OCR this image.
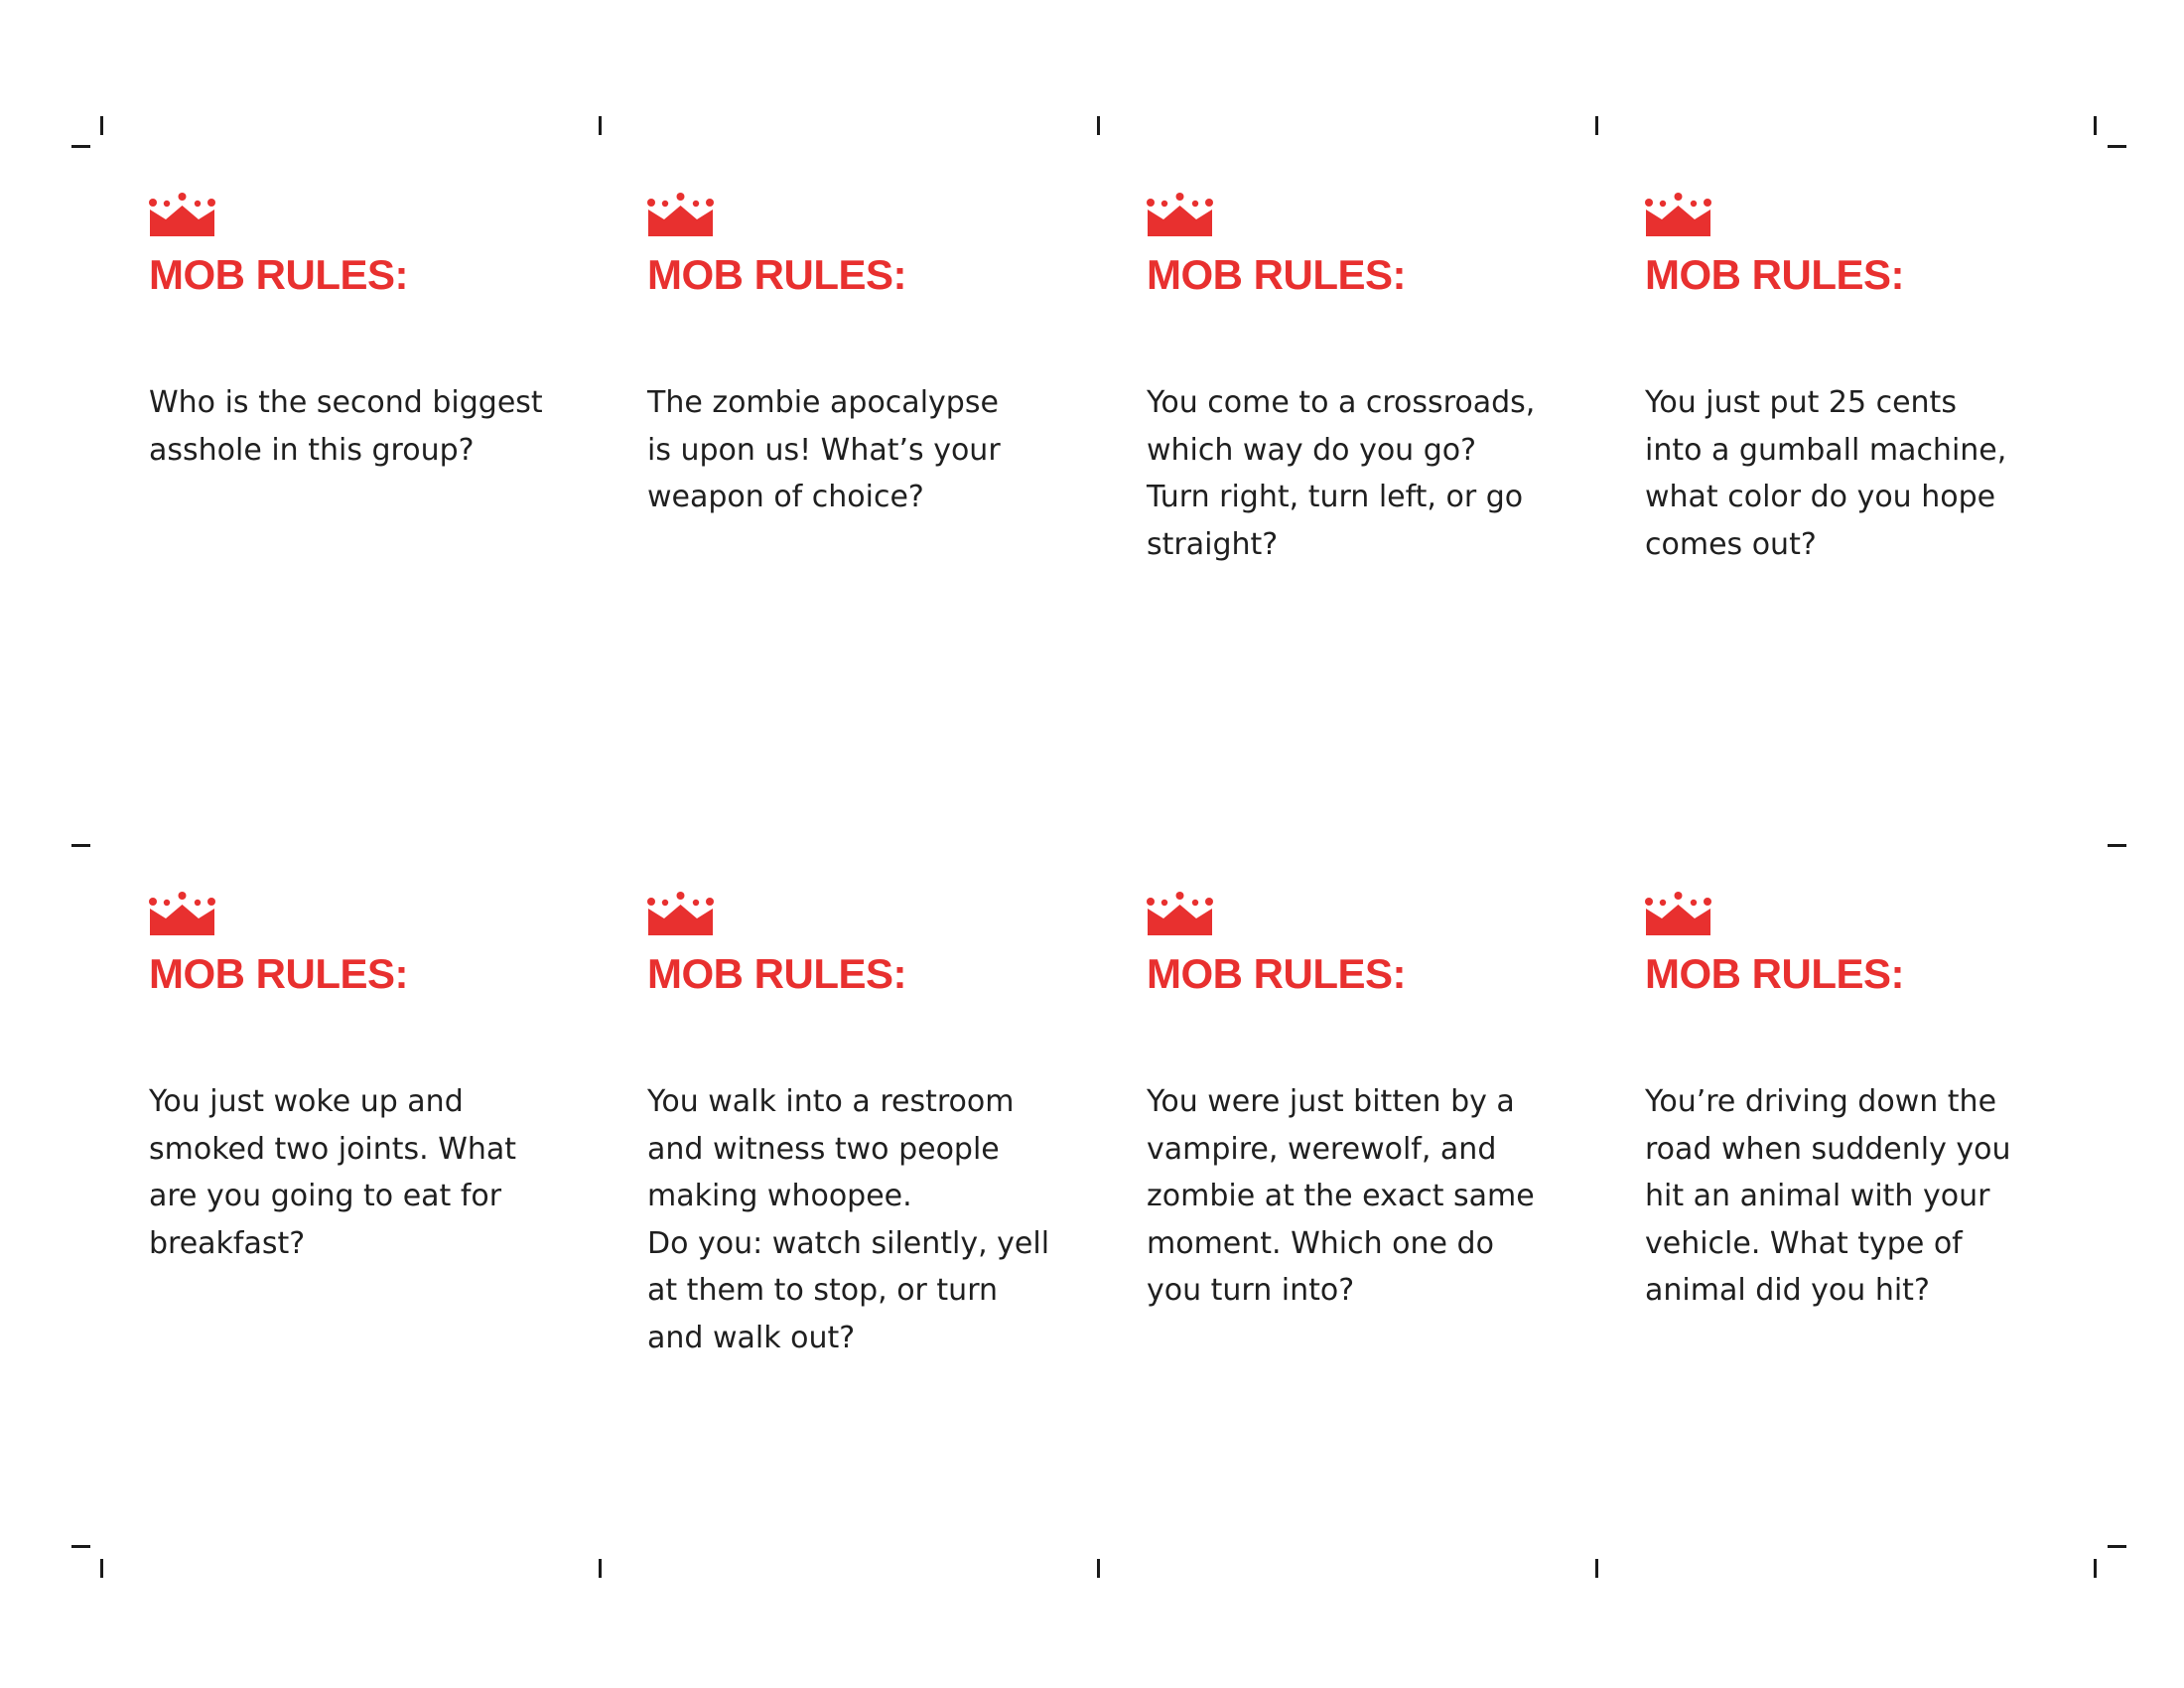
MOB RULES:
Who is the second biggest
asshole in this group?
MOB RULES:
The zombie apocalypse
is upon us! What’s your
weapon of choice?
MOB RULES:
You come to a crossroads,
which way do you go?
Turn right, turn left, or go
straight?
MOB RULES:
You just put 25 cents
into a gumball machine,
what color do you hope
comes out?
MOB RULES:
You just woke up and
smoked two joints. What
are you going to eat for
breakfast?
MOB RULES:
You walk into a restroom
and witness two people
making whoopee.
Do you: watch silently, yell
at them to stop, or turn
and walk out?
MOB RULES:
You were just bitten by a
vampire, werewolf, and
zombie at the exact same
moment. Which one do
you turn into?
MOB RULES:
You’re driving down the
road when suddenly you
hit an animal with your
vehicle. What type of
animal did you hit?
